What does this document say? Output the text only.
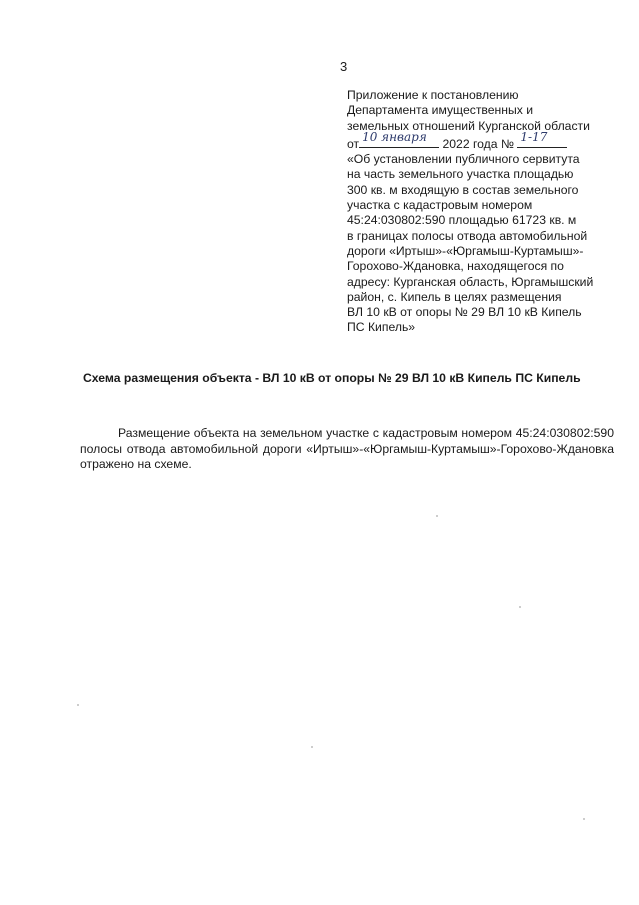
3
Приложение к постановлению
Департамента имущественных и
земельных отношений Курганской области
от 10 января 2022 года № 1-17
«Об установлении публичного сервитута
на часть земельного участка площадью
300 кв. м входящую в состав земельного
участка с кадастровым номером
45:24:030802:590 площадью 61723 кв. м
в границах полосы отвода автомобильной
дороги «Иртыш»-«Юргамыш-Куртамыш»-
Горохово-Ждановка, находящегося по
адресу: Курганская область, Юргамышский
район, с. Кипель в целях размещения
ВЛ 10 кВ от опоры № 29 ВЛ 10 кВ Кипель
ПС Кипель»
Схема размещения объекта - ВЛ 10 кВ от опоры № 29 ВЛ 10 кВ Кипель ПС Кипель

Размещение объекта на земельном участке с кадастровым номером 45:24:030802:590 полосы отвода автомобильной дороги «Иртыш»-«Юргамыш-Куртамыш»-Горохово-Ждановка отражено на схеме.
